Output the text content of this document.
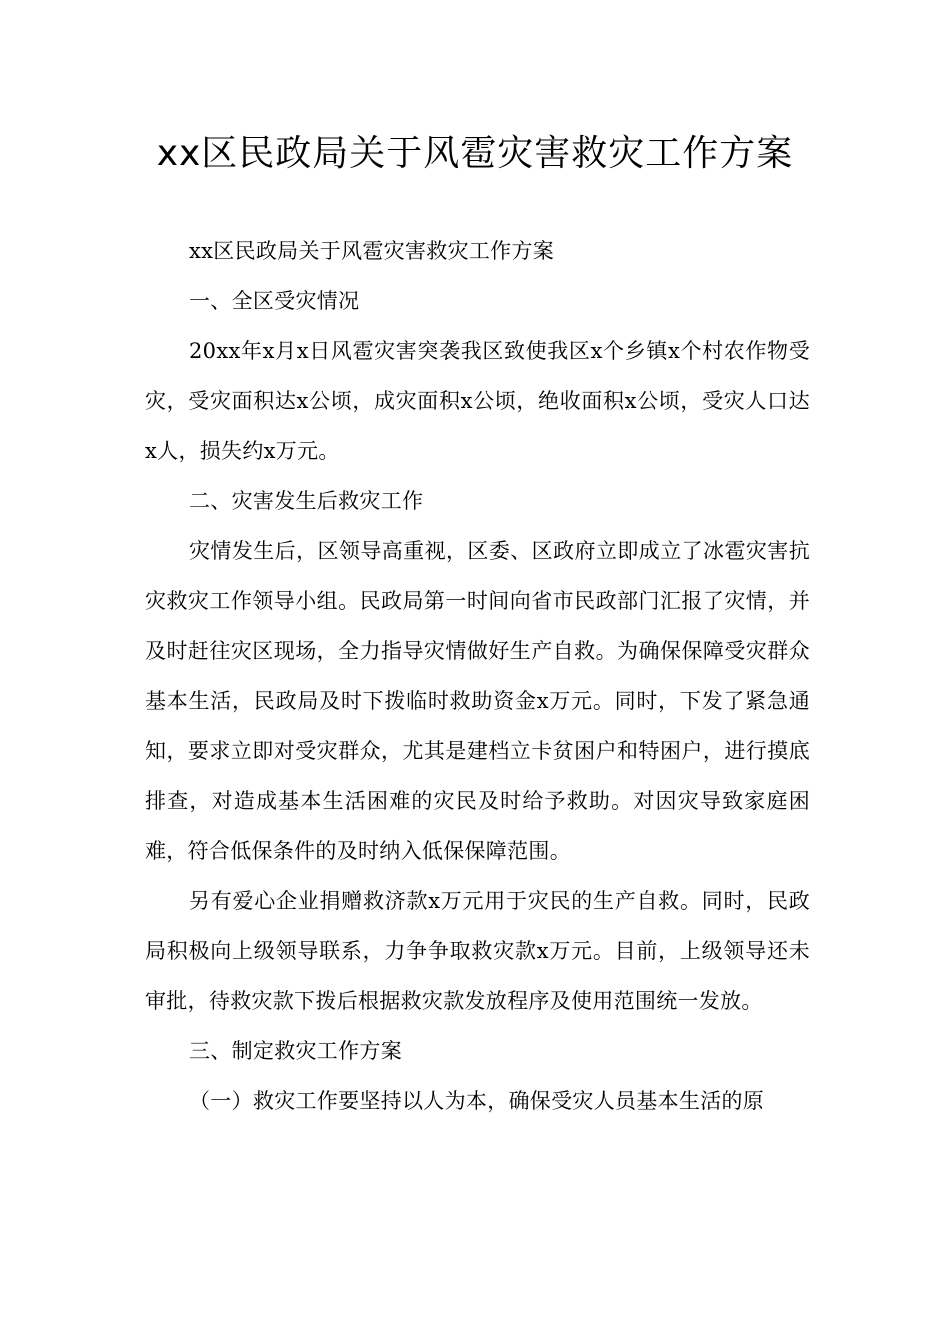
xx区民政局关于风雹灾害救灾工作方案

xx区民政局关于风雹灾害救灾工作方案

一、全区受灾情况

20xx年x月x日风雹灾害突袭我区致使我区x个乡镇x个村农作物受灾，受灾面积达x公顷，成灾面积x公顷，绝收面积x公顷，受灾人口达x人，损失约x万元。

二、灾害发生后救灾工作

灾情发生后，区领导高重视，区委、区政府立即成立了冰雹灾害抗灾救灾工作领导小组。民政局第一时间向省市民政部门汇报了灾情，并及时赶往灾区现场，全力指导灾情做好生产自救。为确保保障受灾群众基本生活，民政局及时下拨临时救助资金x万元。同时，下发了紧急通知，要求立即对受灾群众，尤其是建档立卡贫困户和特困户，进行摸底排查，对造成基本生活困难的灾民及时给予救助。对因灾导致家庭困难，符合低保条件的及时纳入低保保障范围。

另有爱心企业捐赠救济款x万元用于灾民的生产自救。同时，民政局积极向上级领导联系，力争争取救灾款x万元。目前，上级领导还未审批，待救灾款下拨后根据救灾款发放程序及使用范围统一发放。

三、制定救灾工作方案

（一）救灾工作要坚持以人为本，确保受灾人员基本生活的原
